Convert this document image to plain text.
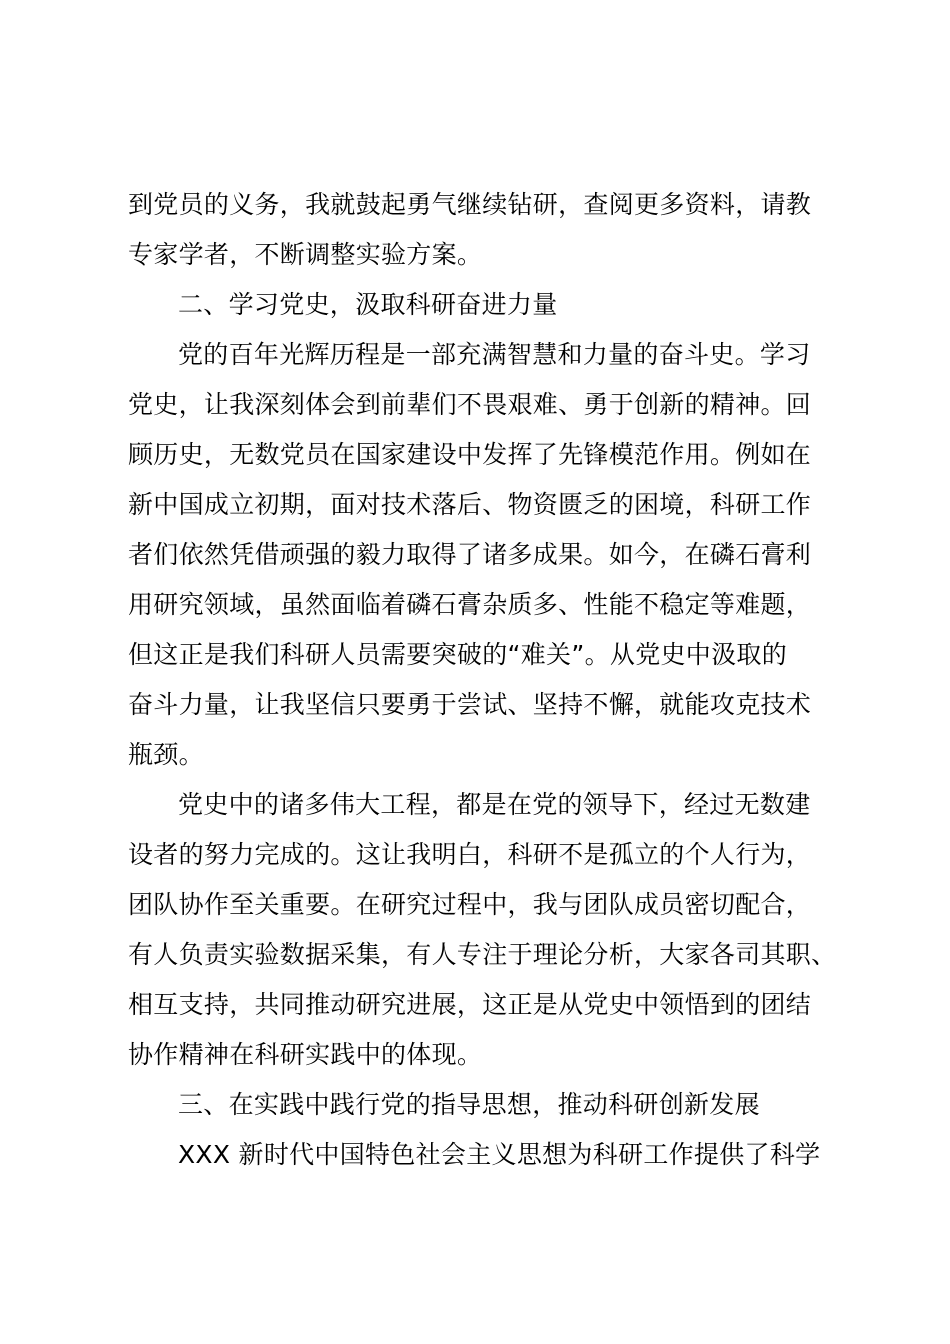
到党员的义务，我就鼓起勇气继续钻研，查阅更多资料，请教
专家学者，不断调整实验方案。
二、学习党史，汲取科研奋进力量
党的百年光辉历程是一部充满智慧和力量的奋斗史。学习
党史，让我深刻体会到前辈们不畏艰难、勇于创新的精神。回
顾历史，无数党员在国家建设中发挥了先锋模范作用。例如在
新中国成立初期，面对技术落后、物资匮乏的困境，科研工作
者们依然凭借顽强的毅力取得了诸多成果。如今，在磷石膏利
用研究领域，虽然面临着磷石膏杂质多、性能不稳定等难题，
但这正是我们科研人员需要突破的“难关”。从党史中汲取的
奋斗力量，让我坚信只要勇于尝试、坚持不懈，就能攻克技术
瓶颈。
党史中的诸多伟大工程，都是在党的领导下，经过无数建
设者的努力完成的。这让我明白，科研不是孤立的个人行为，
团队协作至关重要。在研究过程中，我与团队成员密切配合，
有人负责实验数据采集，有人专注于理论分析，大家各司其职、
相互支持，共同推动研究进展，这正是从党史中领悟到的团结
协作精神在科研实践中的体现。
三、在实践中践行党的指导思想，推动科研创新发展
XXX 新时代中国特色社会主义思想为科研工作提供了科学
